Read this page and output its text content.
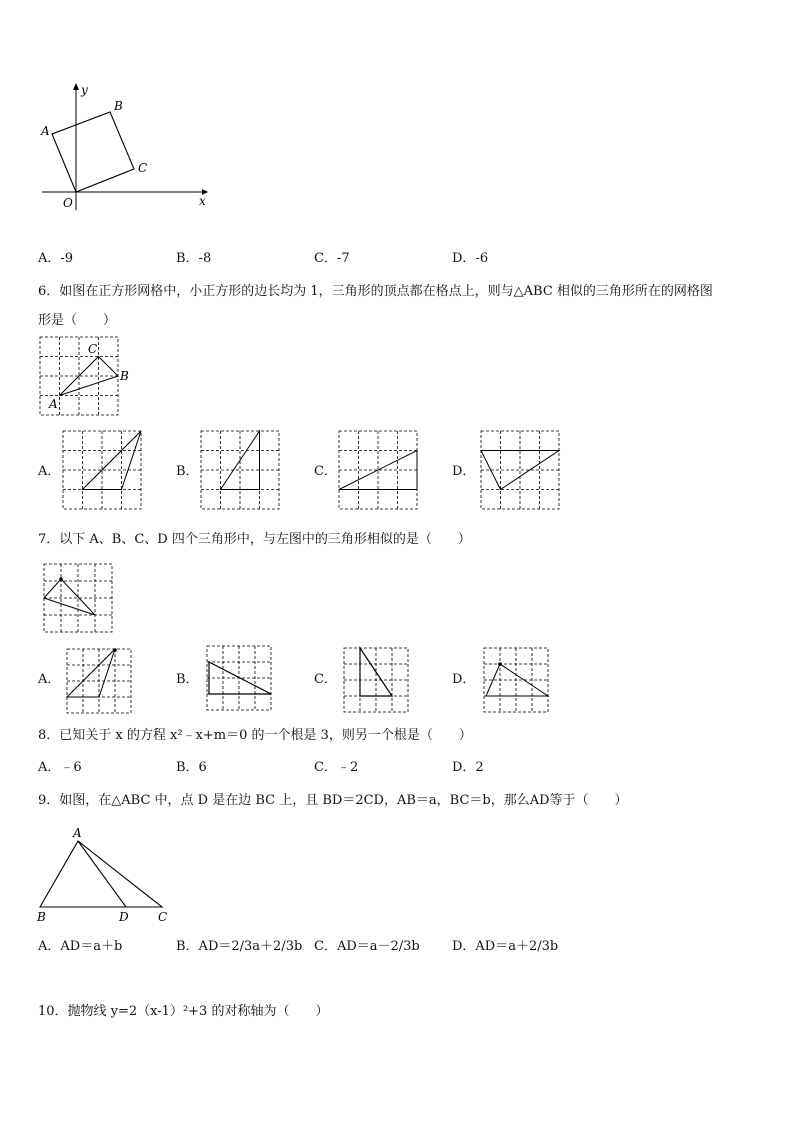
x
y
O
A
B
C
A．-9	B．-8	C．-7	D．-6
6．如图在正方形网格中，小正方形的边长均为 1，三角形的顶点都在格点上，则与△ABC 相似的三角形所在的网格图
形是（　　）
A
B
C
A．	B．	C．	D．
7．以下 A、B、C、D 四个三角形中，与左图中的三角形相似的是（　　）
A．	B．	C．	D．
8．已知关于 x 的方程 x²﹣x+m＝0 的一个根是 3，则另一个根是（　　）
A．﹣6	B．6	C．﹣2	D．2
9．如图，在△ABC 中，点 D 是在边 BC 上，且 BD＝2CD，AB＝a，BC＝b，那么AD等于（　　）
A
B	D C
A．AD＝a＋b	B．AD＝2/3a＋2/3b C．AD＝a－2/3b D．AD＝a＋2/3b
10．抛物线 y=2（x-1）²+3 的对称轴为（　　）
